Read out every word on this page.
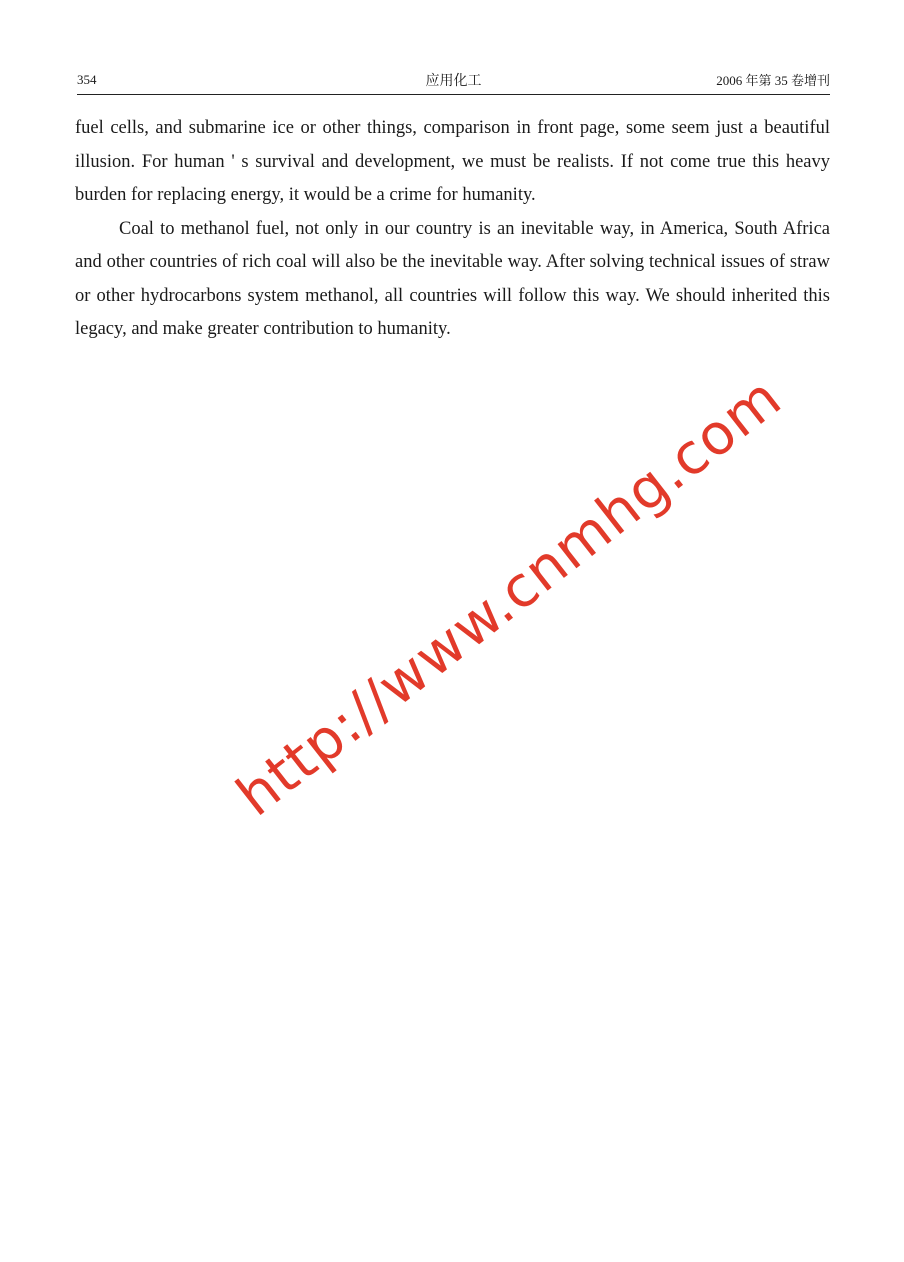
354	应用化工	2006 年第 35 卷增刊

fuel cells, and submarine ice or other things, comparison in front page, some seem just a beautiful illusion. For human ' s survival and development, we must be realists. If not come true this heavy burden for replacing energy, it would be a crime for humanity.

Coal to methanol fuel, not only in our country is an inevitable way, in America, South Africa and other countries of rich coal will also be the inevitable way. After solving technical issues of straw or other hydrocarbons system methanol, all countries will follow this way. We should inherited this legacy, and make greater contribution to humanity.

http://www.cnmhg.com
